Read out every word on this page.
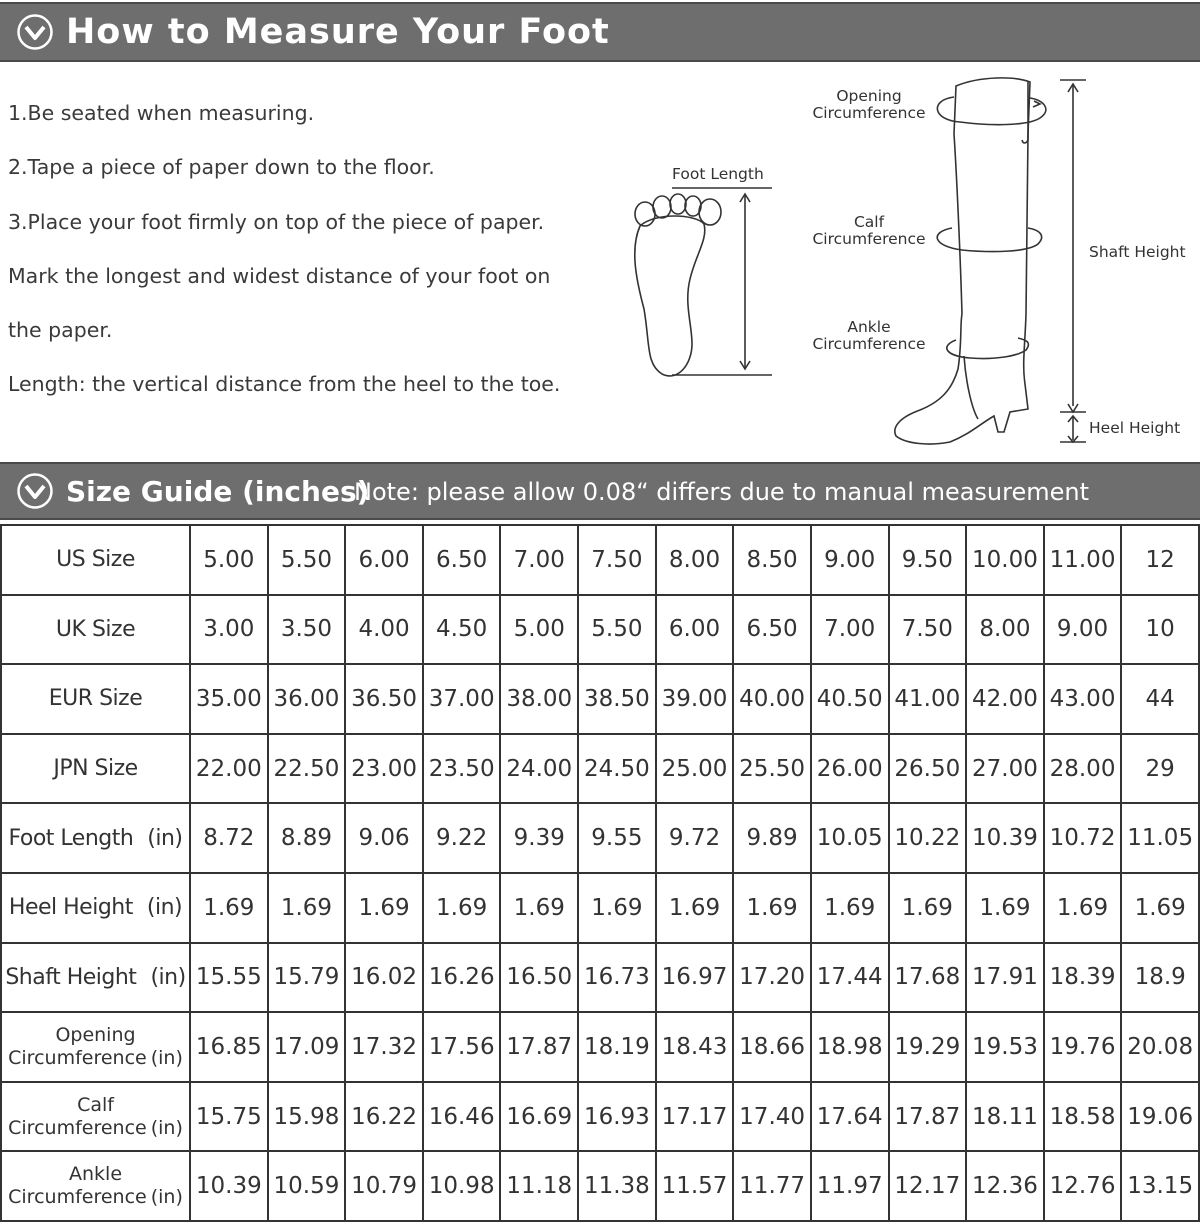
How to Measure Your Foot
1.Be seated when measuring.
2.Tape a piece of paper down to the floor.
3.Place your foot firmly on top of the piece of paper.
Mark the longest and widest distance of your foot on
the paper.
Length: the vertical distance from the heel to the toe.
Foot Length
Opening
Circumference
Calf
Circumference
Ankle
Circumference
Shaft Height
Heel Height
Size Guide (inches)
Note: please allow 0.08“ differs due to manual measurement
US Size	5.00	5.50	6.00	6.50	7.00	7.50	8.00	8.50	9.00	9.50	10.00	11.00	12
UK Size	3.00	3.50	4.00	4.50	5.00	5.50	6.00	6.50	7.00	7.50	8.00	9.00	10
EUR Size	35.00	36.00	36.50	37.00	38.00	38.50	39.00	40.00	40.50	41.00	42.00	43.00	44
JPN Size	22.00	22.50	23.00	23.50	24.00	24.50	25.00	25.50	26.00	26.50	27.00	28.00	29
Foot Length (in)	8.72	8.89	9.06	9.22	9.39	9.55	9.72	9.89	10.05	10.22	10.39	10.72	11.05
Heel Height (in)	1.69	1.69	1.69	1.69	1.69	1.69	1.69	1.69	1.69	1.69	1.69	1.69	1.69
Shaft Height (in)	15.55	15.79	16.02	16.26	16.50	16.73	16.97	17.20	17.44	17.68	17.91	18.39	18.9

Opening
Circumference (in)	16.85	17.09	17.32	17.56	17.87	18.19	18.43	18.66	18.98	19.29	19.53	19.76	20.08

Calf
Circumference (in)	15.75	15.98	16.22	16.46	16.69	16.93	17.17	17.40	17.64	17.87	18.11	18.58	19.06

Ankle
Circumference (in)	10.39	10.59	10.79	10.98	11.18	11.38	11.57	11.77	11.97	12.17	12.36	12.76	13.15
